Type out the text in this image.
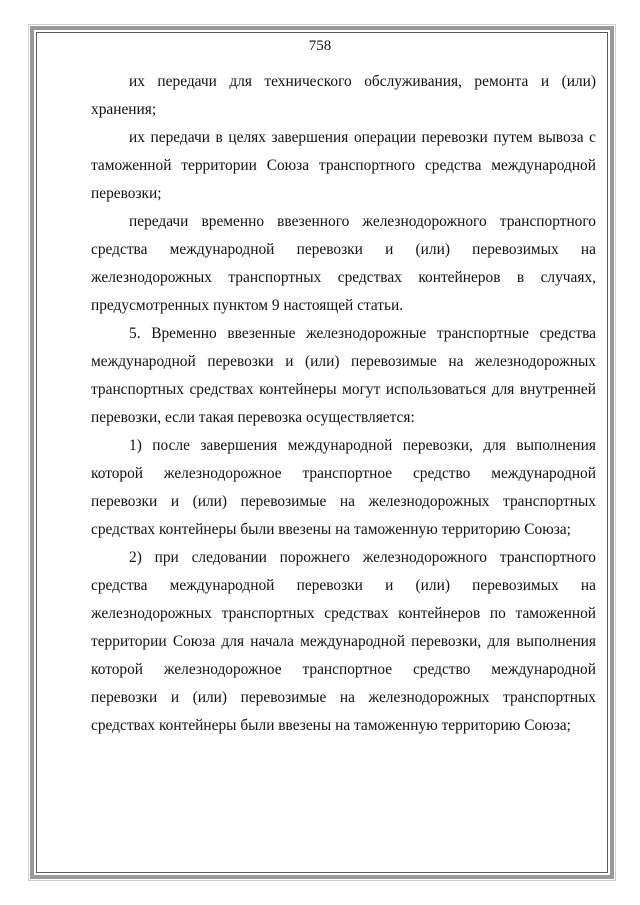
758

их передачи для технического обслуживания, ремонта и (или) хранения;

их передачи в целях завершения операции перевозки путем вывоза с таможенной территории Союза транспортного средства международной перевозки;

передачи временно ввезенного железнодорожного транспортного средства международной перевозки и (или) перевозимых на железнодорожных транспортных средствах контейнеров в случаях, предусмотренных пунктом 9 настоящей статьи.

5. Временно ввезенные железнодорожные транспортные средства международной перевозки и (или) перевозимые на железнодорожных транспортных средствах контейнеры могут использоваться для внутренней перевозки, если такая перевозка осуществляется:

1) после завершения международной перевозки, для выполнения которой железнодорожное транспортное средство международной перевозки и (или) перевозимые на железнодорожных транспортных средствах контейнеры были ввезены на таможенную территорию Союза;

2) при следовании порожнего железнодорожного транспортного средства международной перевозки и (или) перевозимых на железнодорожных транспортных средствах контейнеров по таможенной территории Союза для начала международной перевозки, для выполнения которой железнодорожное транспортное средство международной перевозки и (или) перевозимые на железнодорожных транспортных средствах контейнеры были ввезены на таможенную территорию Союза;
